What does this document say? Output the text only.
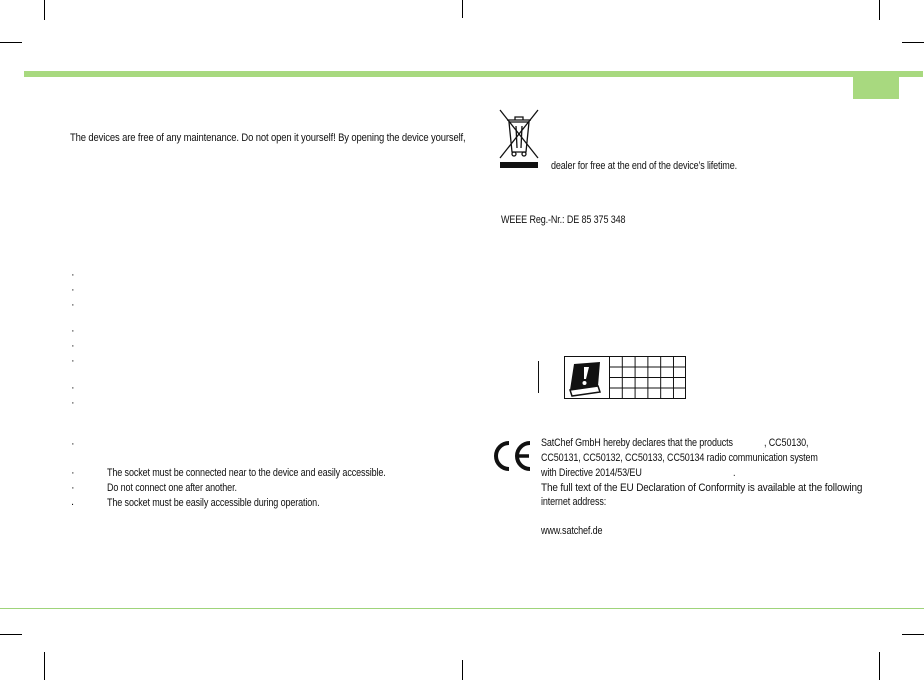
The devices are free of any maintenance. Do not open it yourself! By opening the device yourself,
·
·
·
·
·
·
·
·
·
·	The socket must be connected near to the device and easily accessible.
·	Do not connect one after another.
.	The socket must be easily accessible during operation.
dealer for free at the end of the device’s lifetime.
WEEE Reg.-Nr.: DE 85 375 348
SatChef GmbH hereby declares that the products	, CC50130,
CC50131, CC50132, CC50133, CC50134 radio communication system
with Directive 2014/53/EU	.
The full text of the EU Declaration of Conformity is available at the following
internet address:
www.satchef.de
